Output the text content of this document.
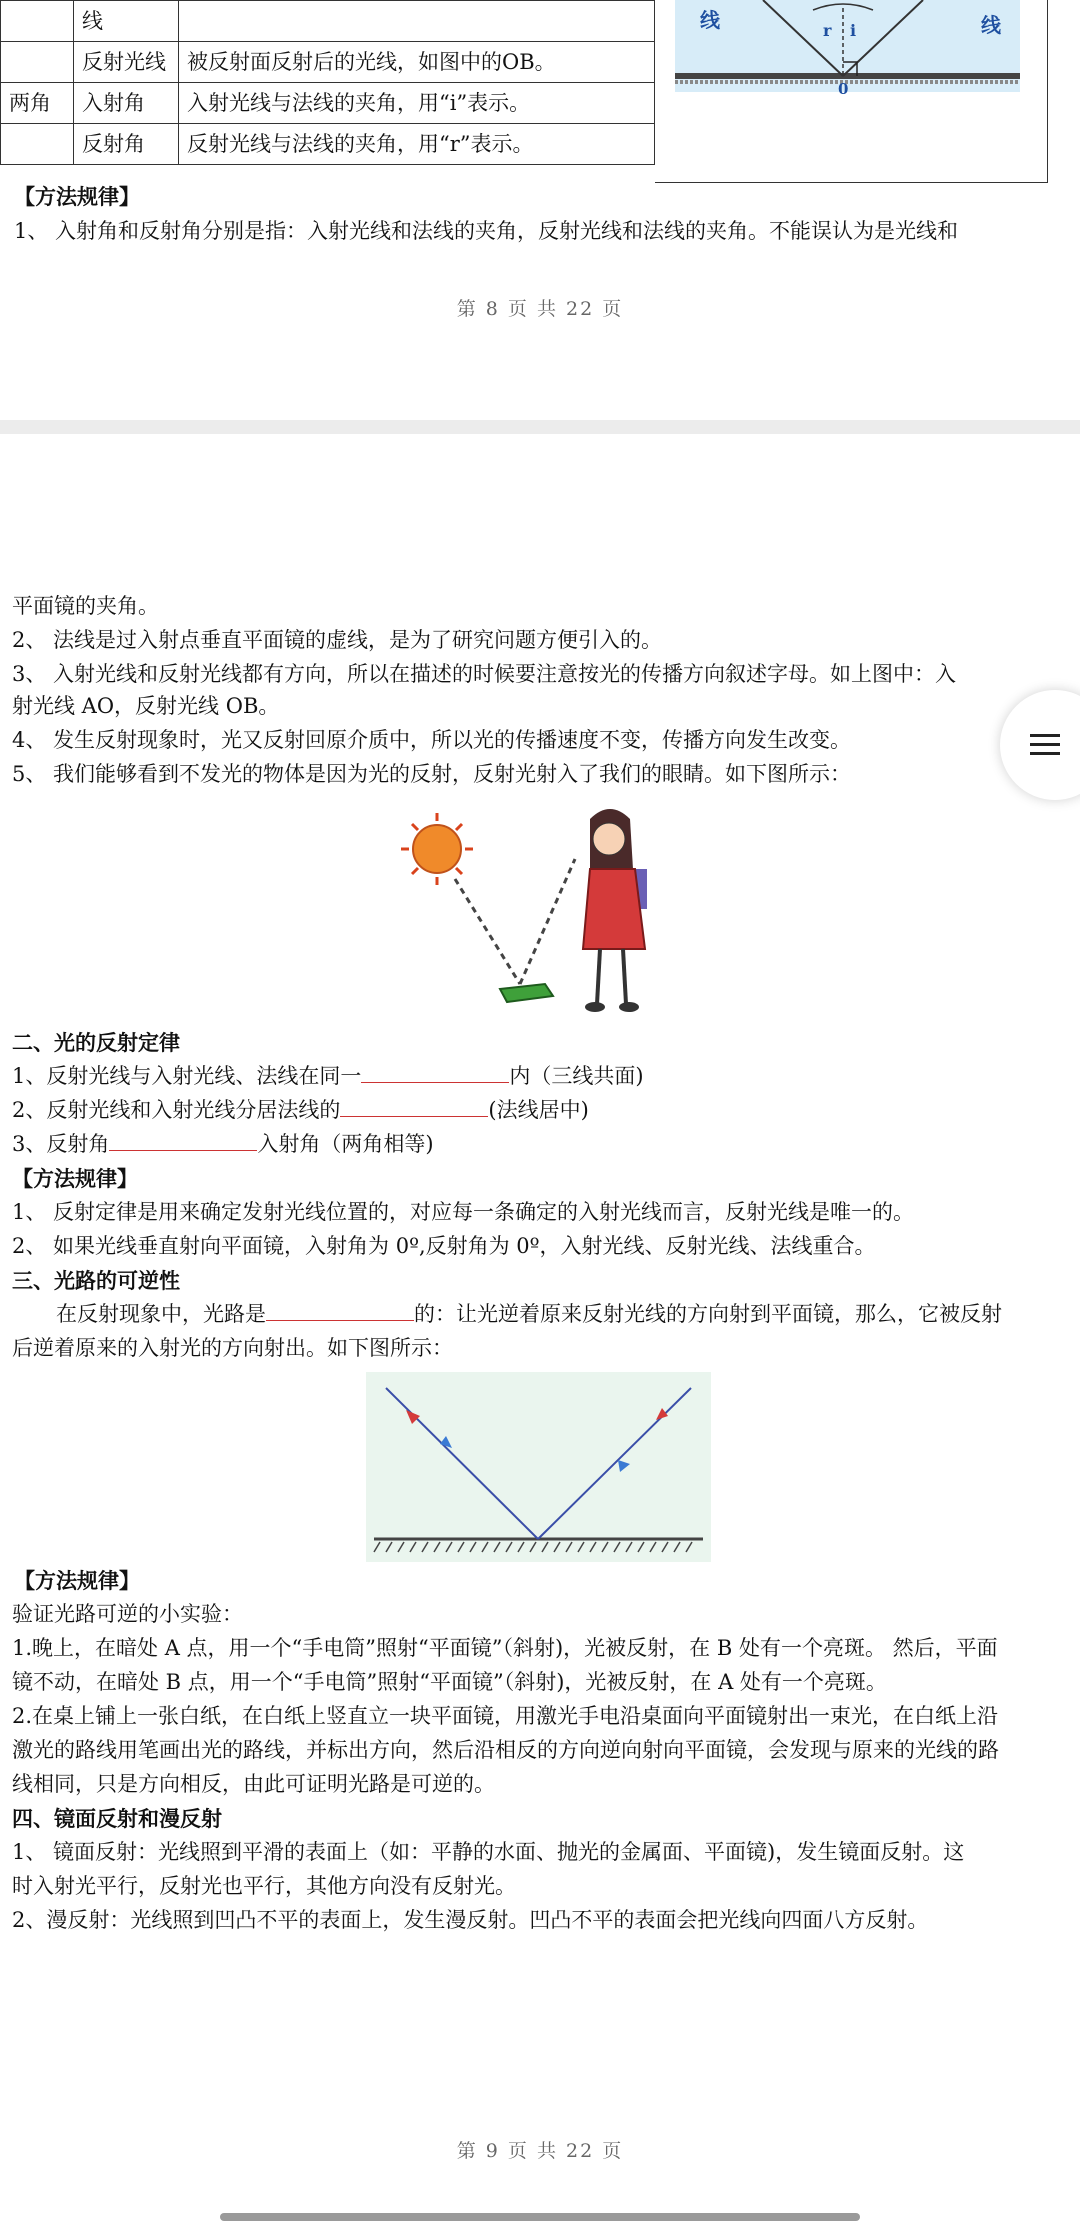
	线	
	反射光线	被反射面反射后的光线，如图中的OB。
两角	入射角	入射光线与法线的夹角，用“i”表示。
	反射角	反射光线与法线的夹角，用“r”表示。
线	线
r i
0
【方法规律】
1、 入射角和反射角分别是指：入射光线和法线的夹角，反射光线和法线的夹角。不能误认为是光线和
第 8 页 共 22 页
平面镜的夹角。
2、 法线是过入射点垂直平面镜的虚线，是为了研究问题方便引入的。
3、 入射光线和反射光线都有方向，所以在描述的时候要注意按光的传播方向叙述字母。如上图中：入
射光线 AO，反射光线 OB。
4、 发生反射现象时，光又反射回原介质中，所以光的传播速度不变，传播方向发生改变。
5、 我们能够看到不发光的物体是因为光的反射，反射光射入了我们的眼睛。如下图所示：
二、光的反射定律
1、反射光线与入射光线、法线在同一	内（三线共面)
2、反射光线和入射光线分居法线的	(法线居中)
3、反射角	入射角（两角相等)
【方法规律】
1、 反射定律是用来确定发射光线位置的，对应每一条确定的入射光线而言，反射光线是唯一的。
2、 如果光线垂直射向平面镜，入射角为 0º,反射角为 0º，入射光线、反射光线、法线重合。
三、光路的可逆性
在反射现象中，光路是	的：让光逆着原来反射光线的方向射到平面镜，那么，它被反射
后逆着原来的入射光的方向射出。如下图所示：
【方法规律】
验证光路可逆的小实验：
1.晚上，在暗处 A 点，用一个“手电筒”照射“平面镜”（斜射)，光被反射，在 B 处有一个亮斑。 然后，平面
镜不动，在暗处 B 点，用一个“手电筒”照射“平面镜”（斜射)，光被反射，在 A 处有一个亮斑。
2.在桌上铺上一张白纸，在白纸上竖直立一块平面镜，用激光手电沿桌面向平面镜射出一束光，在白纸上沿
激光的路线用笔画出光的路线，并标出方向，然后沿相反的方向逆向射向平面镜，会发现与原来的光线的路
线相同，只是方向相反，由此可证明光路是可逆的。
四、镜面反射和漫反射
1、 镜面反射：光线照到平滑的表面上（如：平静的水面、抛光的金属面、平面镜)，发生镜面反射。这
时入射光平行，反射光也平行，其他方向没有反射光。
2、漫反射：光线照到凹凸不平的表面上，发生漫反射。凹凸不平的表面会把光线向四面八方反射。
第 9 页 共 22 页
